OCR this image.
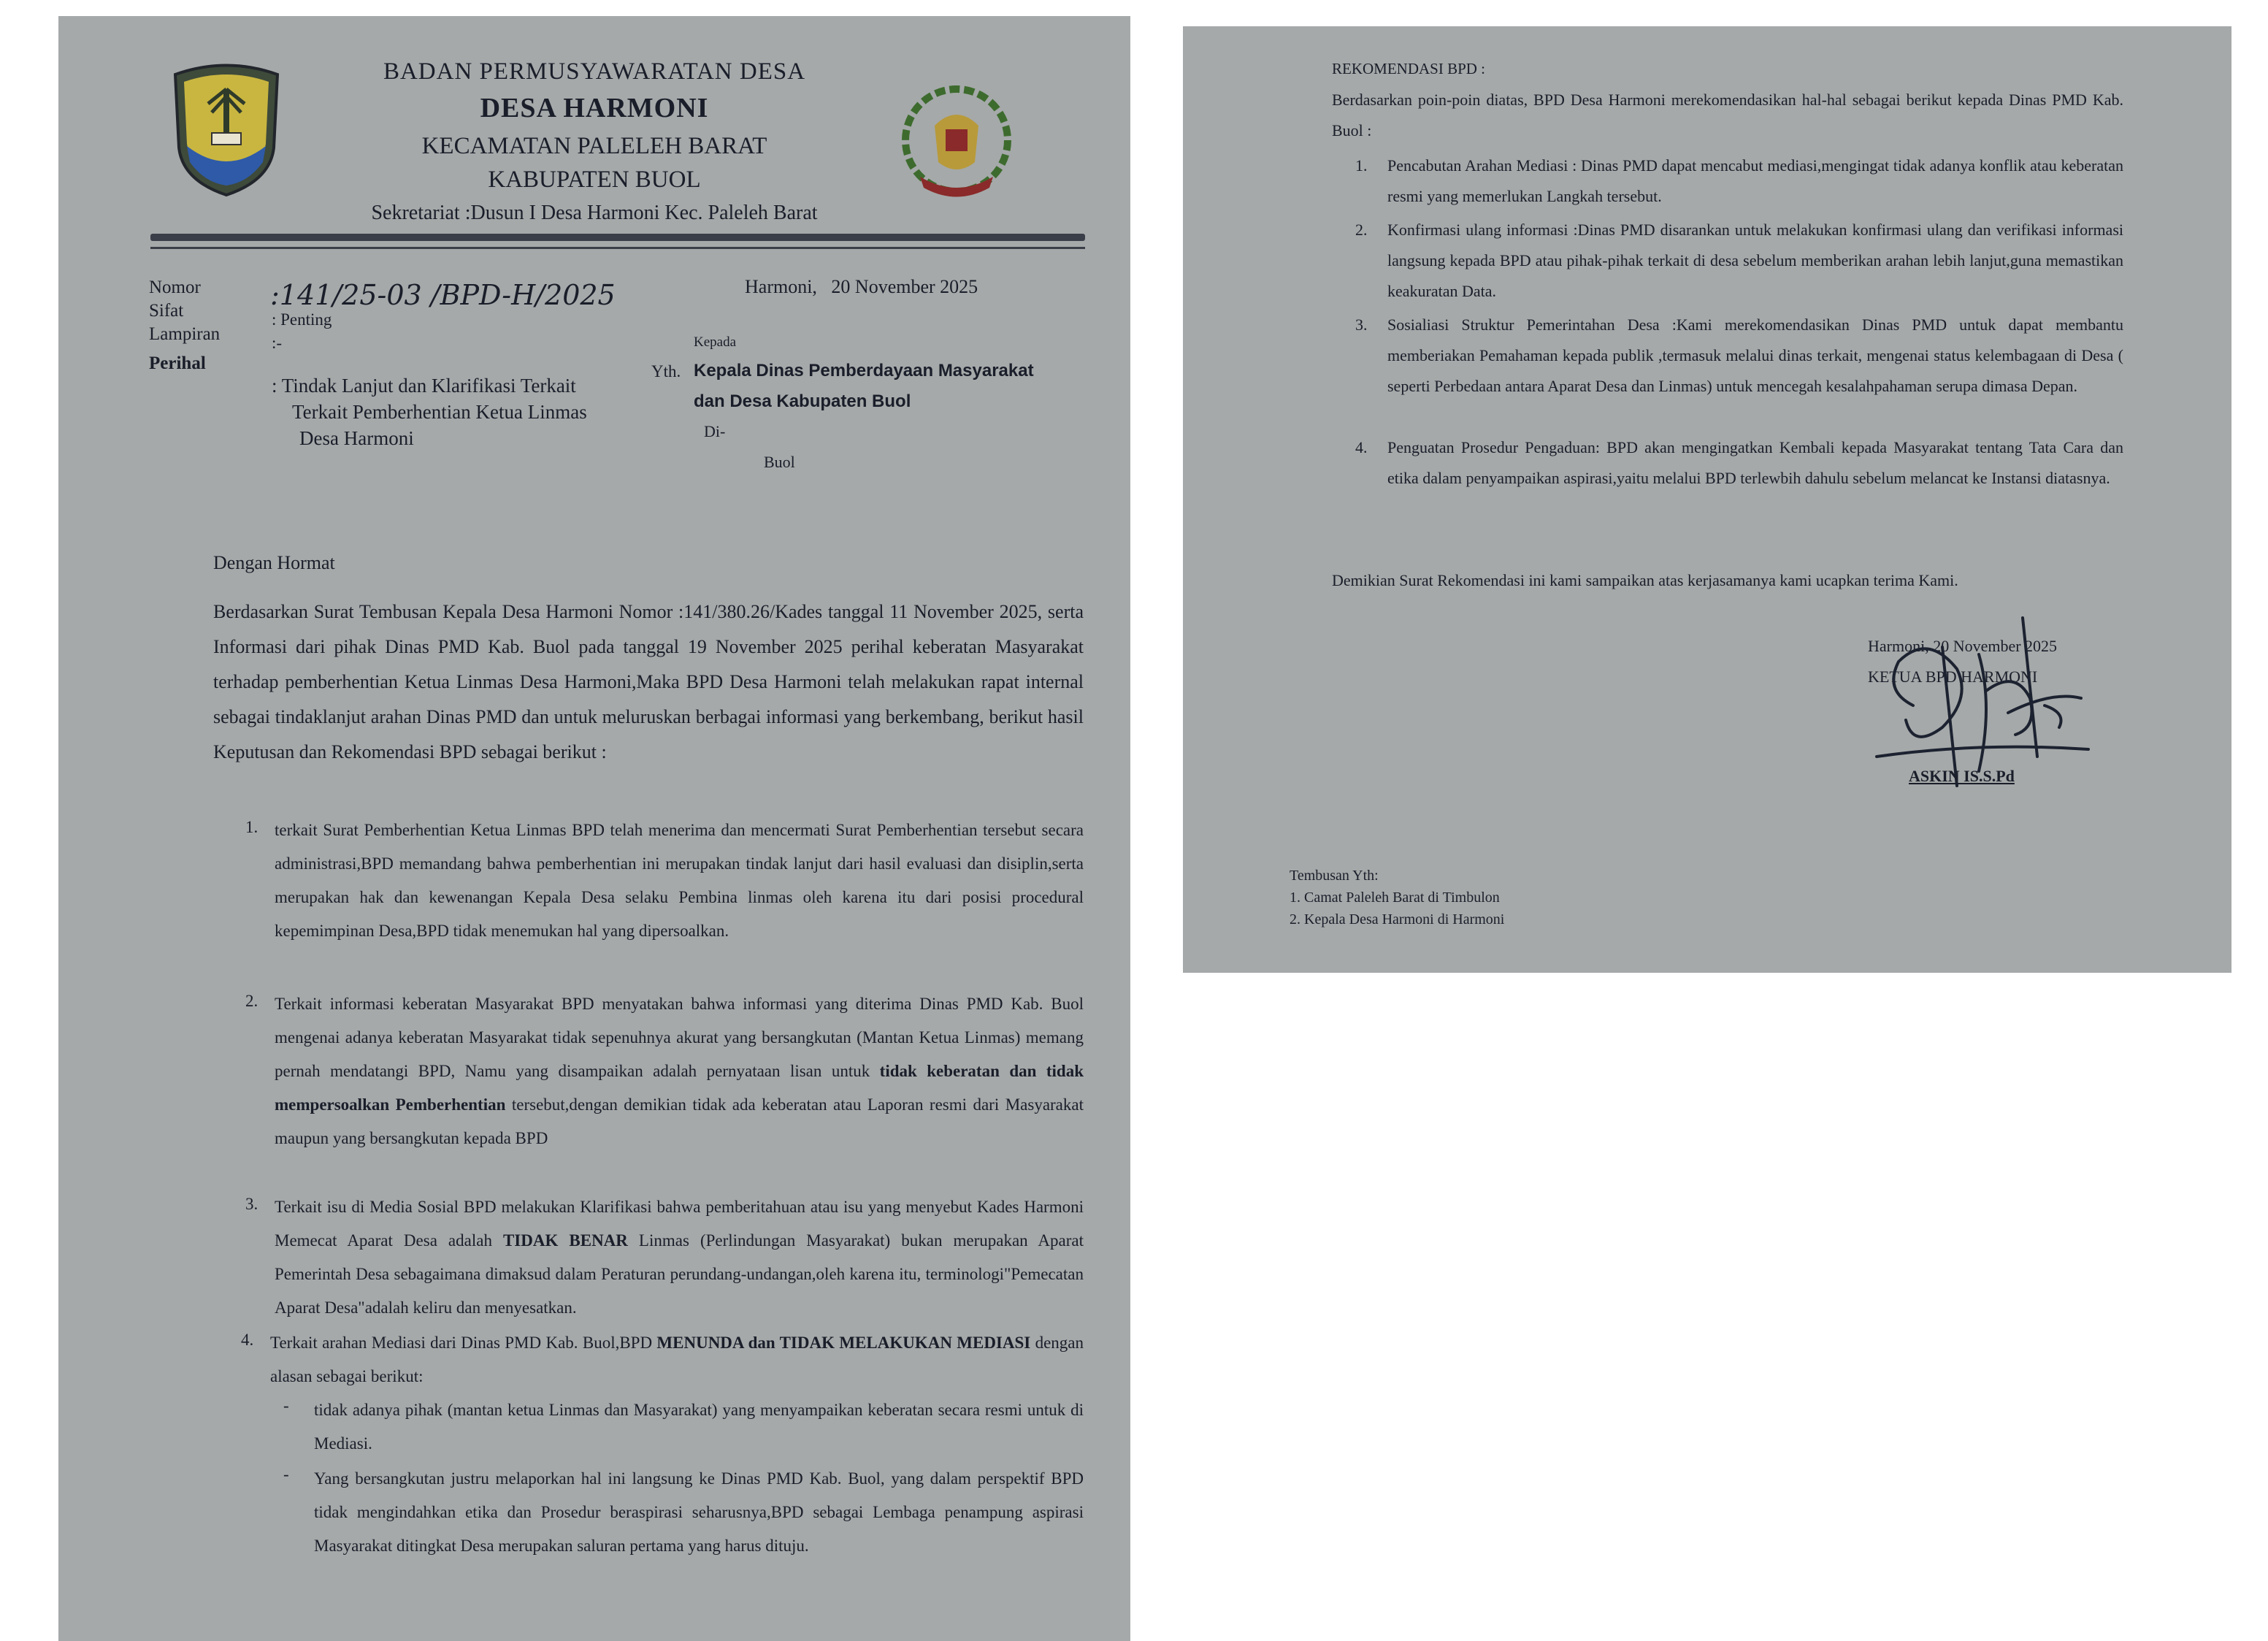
BADAN PERMUSYAWARATAN DESA
DESA HARMONI
KECAMATAN PALELEH BARAT
KABUPATEN BUOL
Sekretariat :Dusun I Desa Harmoni Kec. Paleleh Barat
Nomor
Sifat
Lampiran
Perihal
:141/25-03 /BPD-H/2025
: Penting
:-
: Tindak Lanjut dan Klarifikasi Terkait
Terkait Pemberhentian Ketua Linmas
Desa Harmoni
Harmoni,   20 November 2025
Kepada
Yth. Kepala Dinas Pemberdayaan Masyarakat
dan Desa Kabupaten Buol
Di-
Buol
Dengan Hormat
Berdasarkan Surat Tembusan Kepala Desa Harmoni Nomor :141/380.26/Kades tanggal 11 November 2025, serta Informasi dari pihak Dinas PMD Kab. Buol pada tanggal 19 November 2025 perihal keberatan Masyarakat terhadap pemberhentian Ketua Linmas Desa Harmoni,Maka BPD Desa Harmoni telah melakukan rapat internal sebagai tindaklanjut arahan Dinas PMD dan untuk meluruskan berbagai informasi yang berkembang, berikut hasil Keputusan dan Rekomendasi BPD sebagai berikut :
1. terkait Surat Pemberhentian Ketua Linmas BPD telah menerima dan mencermati Surat Pemberhentian tersebut secara administrasi,BPD memandang bahwa pemberhentian ini merupakan tindak lanjut dari hasil evaluasi dan disiplin,serta merupakan hak dan kewenangan Kepala Desa selaku Pembina linmas oleh karena itu dari posisi procedural kepemimpinan Desa,BPD tidak menemukan hal yang dipersoalkan.
2. Terkait informasi keberatan Masyarakat BPD menyatakan bahwa informasi yang diterima Dinas PMD Kab. Buol mengenai adanya keberatan Masyarakat tidak sepenuhnya akurat yang bersangkutan (Mantan Ketua Linmas) memang pernah mendatangi BPD, Namu yang disampaikan adalah pernyataan lisan untuk tidak keberatan dan tidak mempersoalkan Pemberhentian tersebut,dengan demikian tidak ada keberatan atau Laporan resmi dari Masyarakat maupun yang bersangkutan kepada BPD
3. Terkait isu di Media Sosial BPD melakukan Klarifikasi bahwa pemberitahuan atau isu yang menyebut Kades Harmoni Memecat Aparat Desa adalah TIDAK BENAR Linmas (Perlindungan Masyarakat) bukan merupakan Aparat Pemerintah Desa sebagaimana dimaksud dalam Peraturan perundang-undangan,oleh karena itu, terminologi"Pemecatan Aparat Desa"adalah keliru dan menyesatkan.
4. Terkait arahan Mediasi dari Dinas PMD Kab. Buol,BPD MENUNDA dan TIDAK MELAKUKAN MEDIASI dengan alasan sebagai berikut:
- tidak adanya pihak (mantan ketua Linmas dan Masyarakat) yang menyampaikan keberatan secara resmi untuk di Mediasi.
- Yang bersangkutan justru melaporkan hal ini langsung ke Dinas PMD Kab. Buol, yang dalam perspektif BPD tidak mengindahkan etika dan Prosedur beraspirasi seharusnya,BPD sebagai Lembaga penampung aspirasi Masyarakat ditingkat Desa merupakan saluran pertama yang harus dituju.
REKOMENDASI BPD :
Berdasarkan poin-poin diatas, BPD Desa Harmoni merekomendasikan hal-hal sebagai berikut kepada Dinas PMD Kab. Buol :
1. Pencabutan Arahan Mediasi : Dinas PMD dapat mencabut mediasi,mengingat tidak adanya konflik atau keberatan resmi yang memerlukan Langkah tersebut.
2. Konfirmasi ulang informasi :Dinas PMD disarankan untuk melakukan konfirmasi ulang dan verifikasi informasi langsung kepada BPD atau pihak-pihak terkait di desa sebelum memberikan arahan lebih lanjut,guna memastikan keakuratan Data.
3. Sosialiasi Struktur Pemerintahan Desa :Kami merekomendasikan Dinas PMD untuk dapat membantu memberiakan Pemahaman kepada publik ,termasuk melalui dinas terkait, mengenai status kelembagaan di Desa ( seperti Perbedaan antara Aparat Desa dan Linmas) untuk mencegah kesalahpahaman serupa dimasa Depan.
4. Penguatan Prosedur Pengaduan: BPD akan mengingatkan Kembali kepada Masyarakat tentang Tata Cara dan etika dalam penyampaikan aspirasi,yaitu melalui BPD terlewbih dahulu sebelum melancat ke Instansi diatasnya.
Demikian Surat Rekomendasi ini kami sampaikan atas kerjasamanya kami ucapkan terima Kami.
Harmoni, 20 November 2025
KETUA BPD HARMONI
ASKIN IS.S.Pd
Tembusan Yth:
1. Camat Paleleh Barat di Timbulon
2. Kepala Desa Harmoni di Harmoni
